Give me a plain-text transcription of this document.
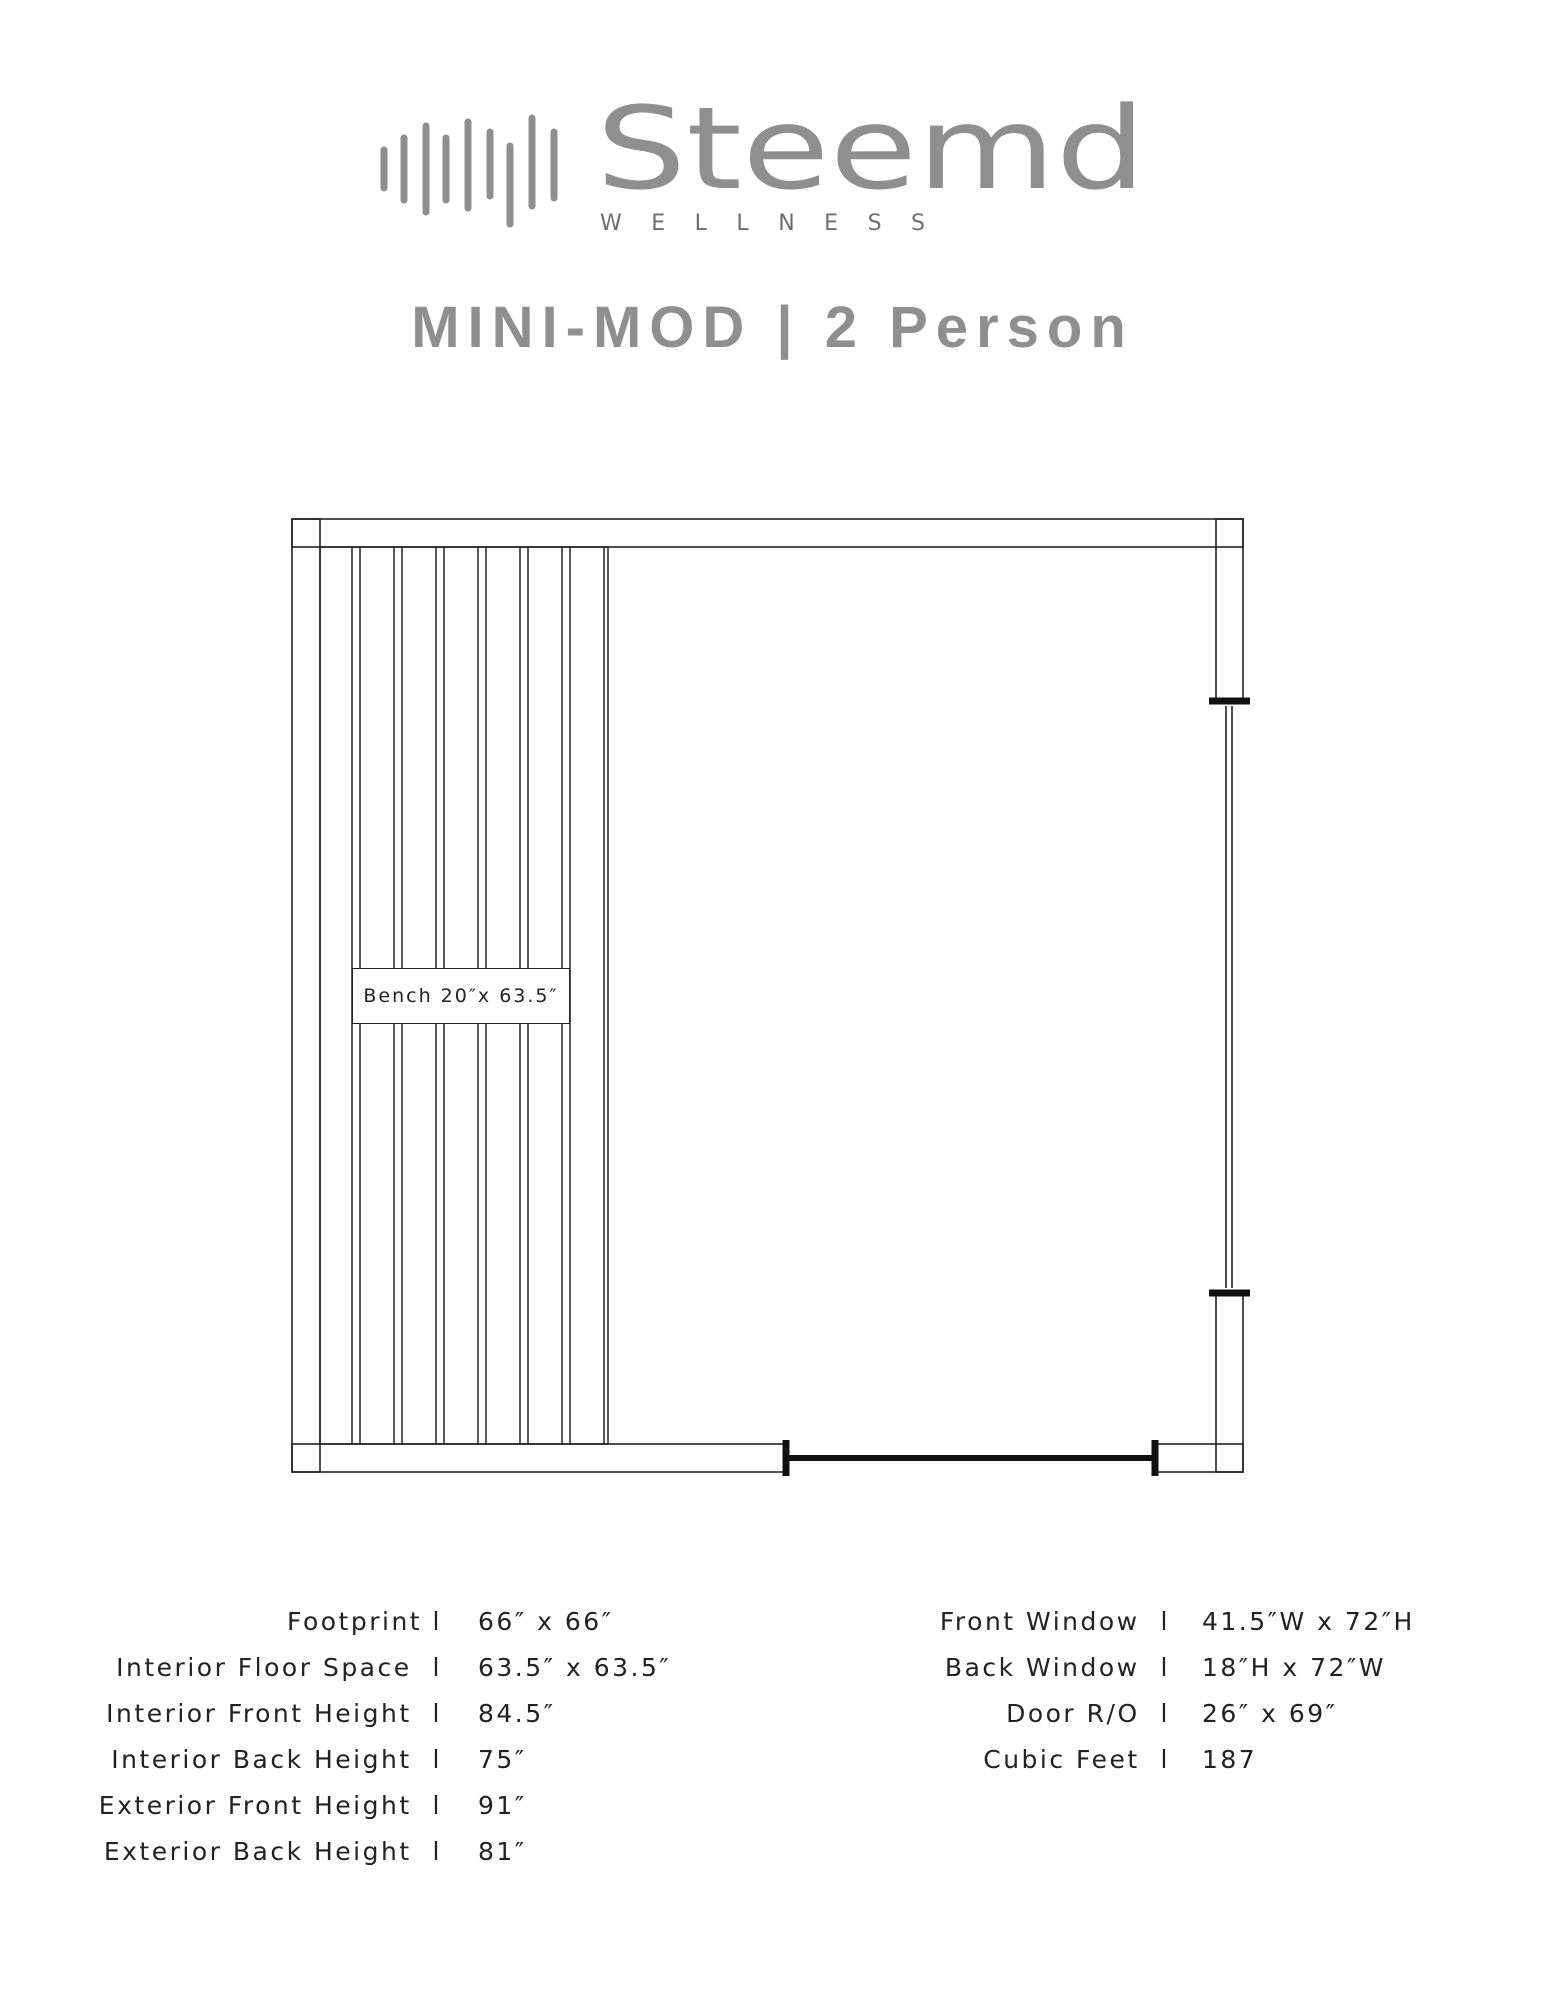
Steemd
WELLNESS
MINI-MOD | 2 Person
Bench 20″x 63.5″
Footprint l	66″ x 66″
Interior Floor Space l	63.5″ x 63.5″
Interior Front Height l	84.5″
Interior Back Height l	75″
Exterior Front Height l	91″
Exterior Back Height l	81″
Front Window l	41.5″W x 72″H
Back Window l	18″H x 72″W
Door R/O l	26″ x 69″
Cubic Feet l	187
